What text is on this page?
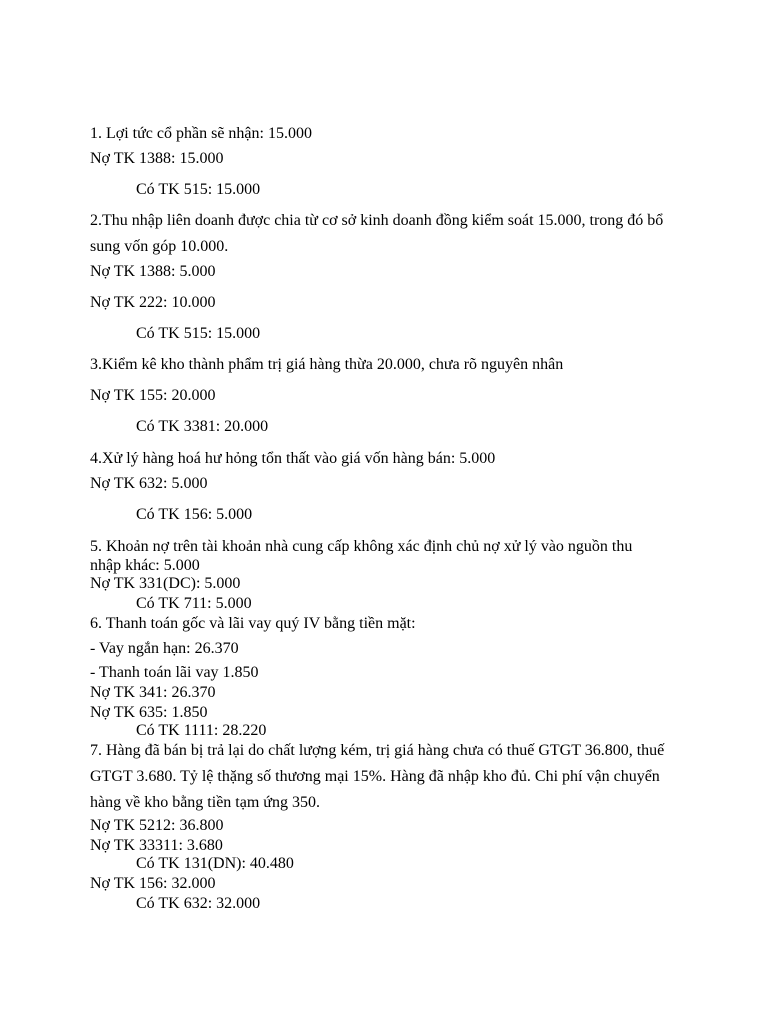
1. Lợi tức cổ phần sẽ nhận: 15.000
Nợ TK 1388: 15.000
Có TK 515: 15.000
2.Thu nhập liên doanh được chia từ cơ sở kinh doanh đồng kiểm soát 15.000, trong đó bổ
sung vốn góp 10.000.
Nợ TK 1388: 5.000
Nợ TK 222: 10.000
Có TK 515: 15.000
3.Kiểm kê kho thành phẩm trị giá hàng thừa 20.000, chưa rõ nguyên nhân
Nợ TK 155: 20.000
Có TK 3381: 20.000
4.Xử lý hàng hoá hư hỏng tổn thất vào giá vốn hàng bán: 5.000
Nợ TK 632: 5.000
Có TK 156: 5.000
5. Khoản nợ trên tài khoản nhà cung cấp không xác định chủ nợ xử lý vào nguồn thu
nhập khác: 5.000
Nợ TK 331(DC): 5.000
Có TK 711: 5.000
6. Thanh toán gốc và lãi vay quý IV bằng tiền mặt:
- Vay ngắn hạn: 26.370
- Thanh toán lãi vay 1.850
Nợ TK 341: 26.370
Nợ TK 635: 1.850
Có TK 1111: 28.220
7. Hàng đã bán bị trả lại do chất lượng kém, trị giá hàng chưa có thuế GTGT 36.800, thuế
GTGT 3.680. Tỷ lệ thặng số thương mại 15%. Hàng đã nhập kho đủ. Chi phí vận chuyển
hàng về kho bằng tiền tạm ứng 350.
Nợ TK 5212: 36.800
Nợ TK 33311: 3.680
Có TK 131(DN): 40.480
Nợ TK 156: 32.000
Có TK 632: 32.000
